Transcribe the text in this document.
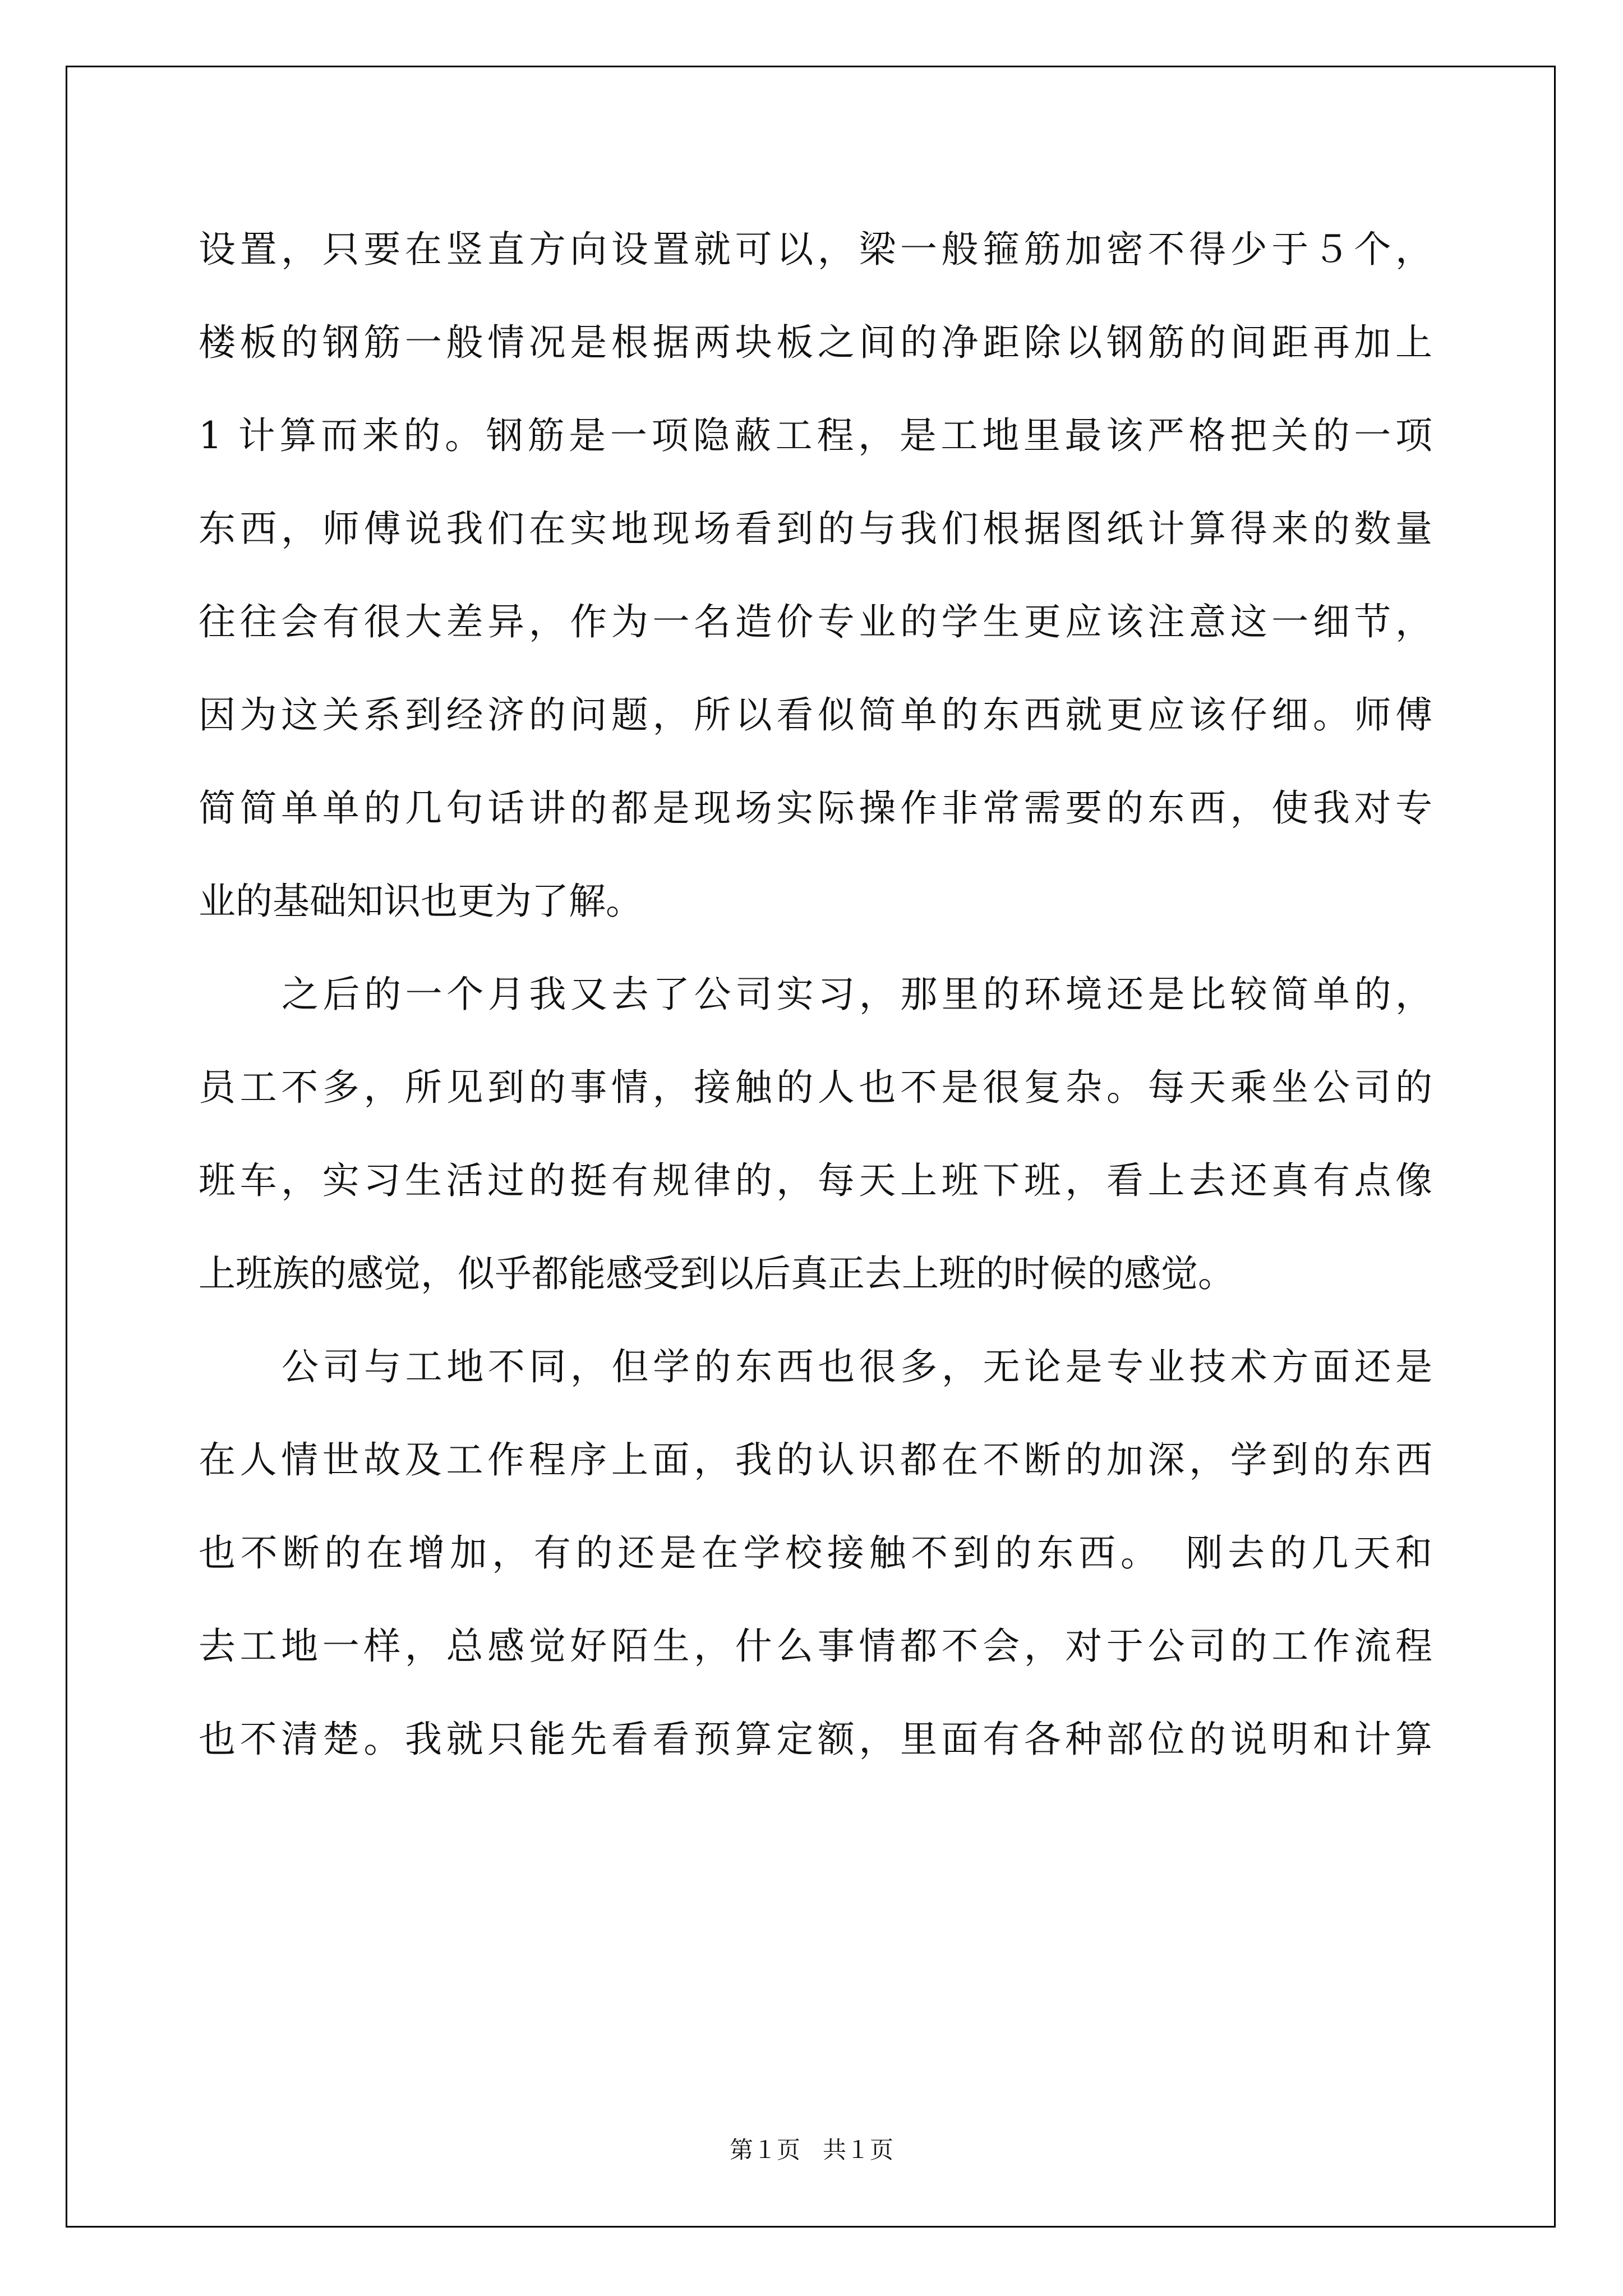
设置，只要在竖直方向设置就可以，梁一般箍筋加密不得少于５个，
楼板的钢筋一般情况是根据两块板之间的净距除以钢筋的间距再加上
1 计算而来的。钢筋是一项隐蔽工程，是工地里最该严格把关的一项
东西，师傅说我们在实地现场看到的与我们根据图纸计算得来的数量
往往会有很大差异，作为一名造价专业的学生更应该注意这一细节，
因为这关系到经济的问题，所以看似简单的东西就更应该仔细。师傅
简简单单的几句话讲的都是现场实际操作非常需要的东西，使我对专
业的基础知识也更为了解。
之后的一个月我又去了公司实习，那里的环境还是比较简单的，
员工不多，所见到的事情，接触的人也不是很复杂。每天乘坐公司的
班车，实习生活过的挺有规律的，每天上班下班，看上去还真有点像
上班族的感觉，似乎都能感受到以后真正去上班的时候的感觉。
公司与工地不同，但学的东西也很多，无论是专业技术方面还是
在人情世故及工作程序上面，我的认识都在不断的加深，学到的东西
也不断的在增加，有的还是在学校接触不到的东西。　刚去的几天和
去工地一样，总感觉好陌生，什么事情都不会，对于公司的工作流程
也不清楚。我就只能先看看预算定额，里面有各种部位的说明和计算
第１页 共１页
